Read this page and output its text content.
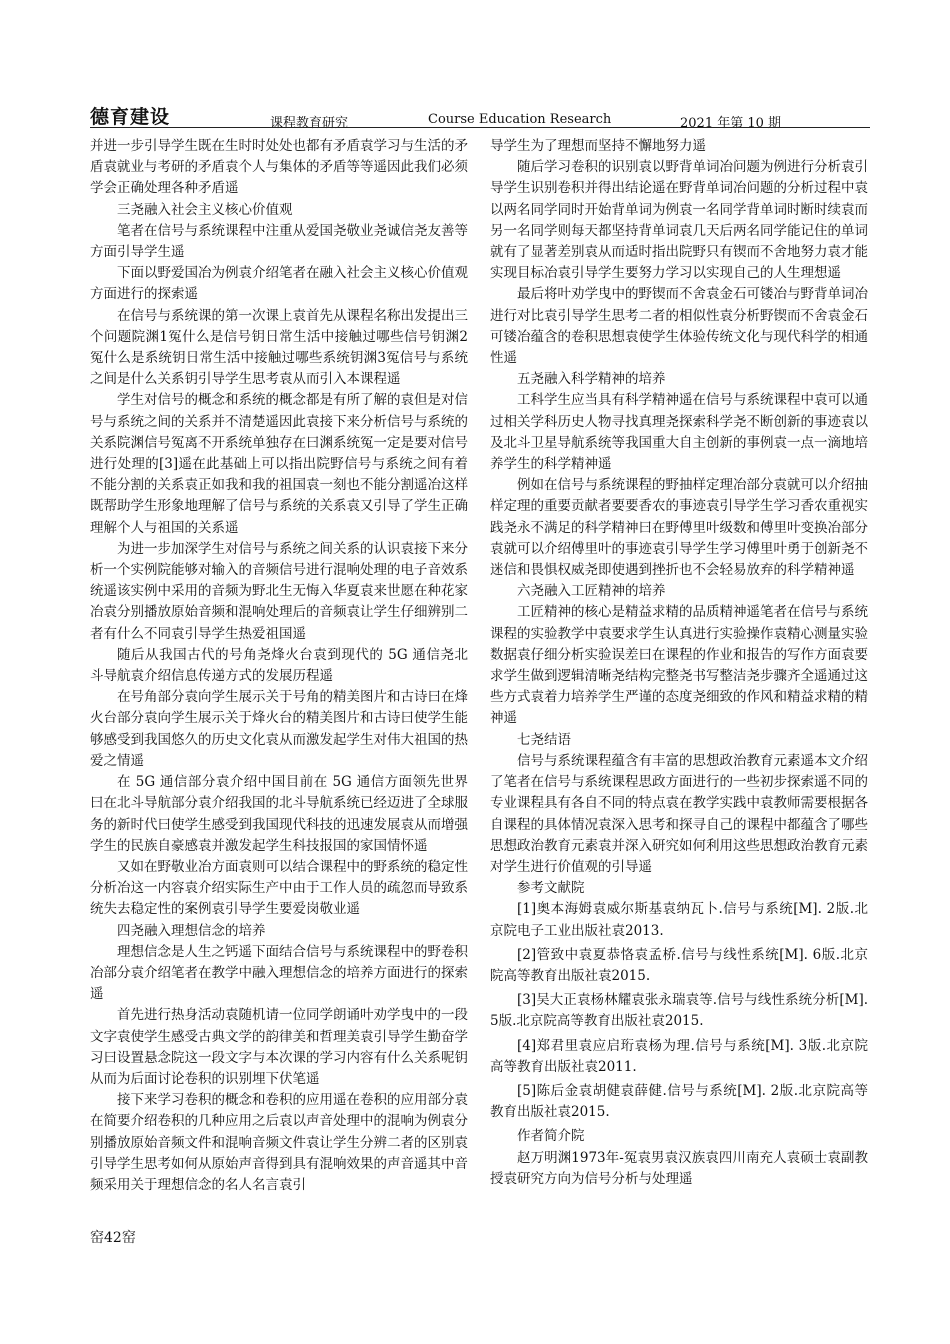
德育建设	课程教育研究	Course Education Research	2021 年第 10 期

并进一步引导学生既在生时时处处也都有矛盾袁学习与生活的矛盾袁就业与考研的矛盾袁个人与集体的矛盾等等遥因此我们必须学会正确处理各种矛盾遥

三尧融入社会主义核心价值观

笔者在信号与系统课程中注重从爱国尧敬业尧诚信尧友善等方面引导学生遥

下面以野爱国冶为例袁介绍笔者在融入社会主义核心价值观方面进行的探索遥

在信号与系统课的第一次课上袁首先从课程名称出发提出三个问题院渊1冤什么是信号钥日常生活中接触过哪些信号钥渊2冤什么是系统钥日常生活中接触过哪些系统钥渊3冤信号与系统之间是什么关系钥引导学生思考袁从而引入本课程遥

学生对信号的概念和系统的概念都是有所了解的袁但是对信号与系统之间的关系并不清楚遥因此袁接下来分析信号与系统的关系院渊信号冤离不开系统单独存在曰渊系统冤一定是要对信号进行处理的[3]遥在此基础上可以指出院野信号与系统之间有着不能分割的关系袁正如我和我的祖国袁一刻也不能分割遥冶这样既帮助学生形象地理解了信号与系统的关系袁又引导了学生正确理解个人与祖国的关系遥

为进一步加深学生对信号与系统之间关系的认识袁接下来分析一个实例院能够对输入的音频信号进行混响处理的电子音效系统遥该实例中采用的音频为野北生无悔入华夏袁来世愿在种花家冶袁分别播放原始音频和混响处理后的音频袁让学生仔细辨别二者有什么不同袁引导学生热爱祖国遥

随后从我国古代的号角尧烽火台袁到现代的 5G 通信尧北斗导航袁介绍信息传递方式的发展历程遥

在号角部分袁向学生展示关于号角的精美图片和古诗曰在烽火台部分袁向学生展示关于烽火台的精美图片和古诗曰使学生能够感受到我国悠久的历史文化袁从而激发起学生对伟大祖国的热爱之情遥

在 5G 通信部分袁介绍中国目前在 5G 通信方面领先世界曰在北斗导航部分袁介绍我国的北斗导航系统已经迈进了全球服务的新时代曰使学生感受到我国现代科技的迅速发展袁从而增强学生的民族自豪感袁并激发起学生科技报国的家国情怀遥

又如在野敬业冶方面袁则可以结合课程中的野系统的稳定性分析冶这一内容袁介绍实际生产中由于工作人员的疏忽而导致系统失去稳定性的案例袁引导学生要爱岗敬业遥

四尧融入理想信念的培养

理想信念是人生之钙遥下面结合信号与系统课程中的野卷积冶部分袁介绍笔者在教学中融入理想信念的培养方面进行的探索遥

首先进行热身活动袁随机请一位同学朗诵叶劝学曳中的一段文字袁使学生感受古典文学的韵律美和哲理美袁引导学生勤奋学习曰设置悬念院这一段文字与本次课的学习内容有什么关系呢钥从而为后面讨论卷积的识别埋下伏笔遥

接下来学习卷积的概念和卷积的应用遥在卷积的应用部分袁在简要介绍卷积的几种应用之后袁以声音处理中的混响为例袁分别播放原始音频文件和混响音频文件袁让学生分辨二者的区别袁引导学生思考如何从原始声音得到具有混响效果的声音遥其中音频采用关于理想信念的名人名言袁引

导学生为了理想而坚持不懈地努力遥

随后学习卷积的识别袁以野背单词冶问题为例进行分析袁引导学生识别卷积并得出结论遥在野背单词冶问题的分析过程中袁以两名同学同时开始背单词为例袁一名同学背单词时断时续袁而另一名同学则每天都坚持背单词袁几天后两名同学能记住的单词就有了显著差别袁从而适时指出院野只有锲而不舍地努力袁才能实现目标冶袁引导学生要努力学习以实现自己的人生理想遥

最后将叶劝学曳中的野锲而不舍袁金石可镂冶与野背单词冶进行对比袁引导学生思考二者的相似性袁分析野锲而不舍袁金石可镂冶蕴含的卷积思想袁使学生体验传统文化与现代科学的相通性遥

五尧融入科学精神的培养

工科学生应当具有科学精神遥在信号与系统课程中袁可以通过相关学科历史人物寻找真理尧探索科学尧不断创新的事迹袁以及北斗卫星导航系统等我国重大自主创新的事例袁一点一滴地培养学生的科学精神遥

例如在信号与系统课程的野抽样定理冶部分袁就可以介绍抽样定理的重要贡献者要要香农的事迹袁引导学生学习香农重视实践尧永不满足的科学精神曰在野傅里叶级数和傅里叶变换冶部分袁就可以介绍傅里叶的事迹袁引导学生学习傅里叶勇于创新尧不迷信和畏惧权威尧即使遇到挫折也不会轻易放弃的科学精神遥

六尧融入工匠精神的培养

工匠精神的核心是精益求精的品质精神遥笔者在信号与系统课程的实验教学中袁要求学生认真进行实验操作袁精心测量实验数据袁仔细分析实验误差曰在课程的作业和报告的写作方面袁要求学生做到逻辑清晰尧结构完整尧书写整洁尧步骤齐全遥通过这些方式袁着力培养学生严谨的态度尧细致的作风和精益求精的精神遥

七尧结语

信号与系统课程蕴含有丰富的思想政治教育元素遥本文介绍了笔者在信号与系统课程思政方面进行的一些初步探索遥不同的专业课程具有各自不同的特点袁在教学实践中袁教师需要根据各自课程的具体情况袁深入思考和探寻自己的课程中都蕴含了哪些思想政治教育元素袁并深入研究如何利用这些思想政治教育元素对学生进行价值观的引导遥

参考文献院

[1]奥本海姆袁威尔斯基袁纳瓦卜.信号与系统[M]. 2版.北京院电子工业出版社袁2013.

[2]管致中袁夏恭恪袁孟桥.信号与线性系统[M]. 6版.北京院高等教育出版社袁2015.

[3]吴大正袁杨林耀袁张永瑞袁等.信号与线性系统分析[M]. 5版.北京院高等教育出版社袁2015.

[4]郑君里袁应启珩袁杨为理.信号与系统[M]. 3版.北京院高等教育出版社袁2011.

[5]陈后金袁胡健袁薛健.信号与系统[M]. 2版.北京院高等教育出版社袁2015.

作者简介院

赵万明渊1973年-冤袁男袁汉族袁四川南充人袁硕士袁副教授袁研究方向为信号分析与处理遥

窑42窑
